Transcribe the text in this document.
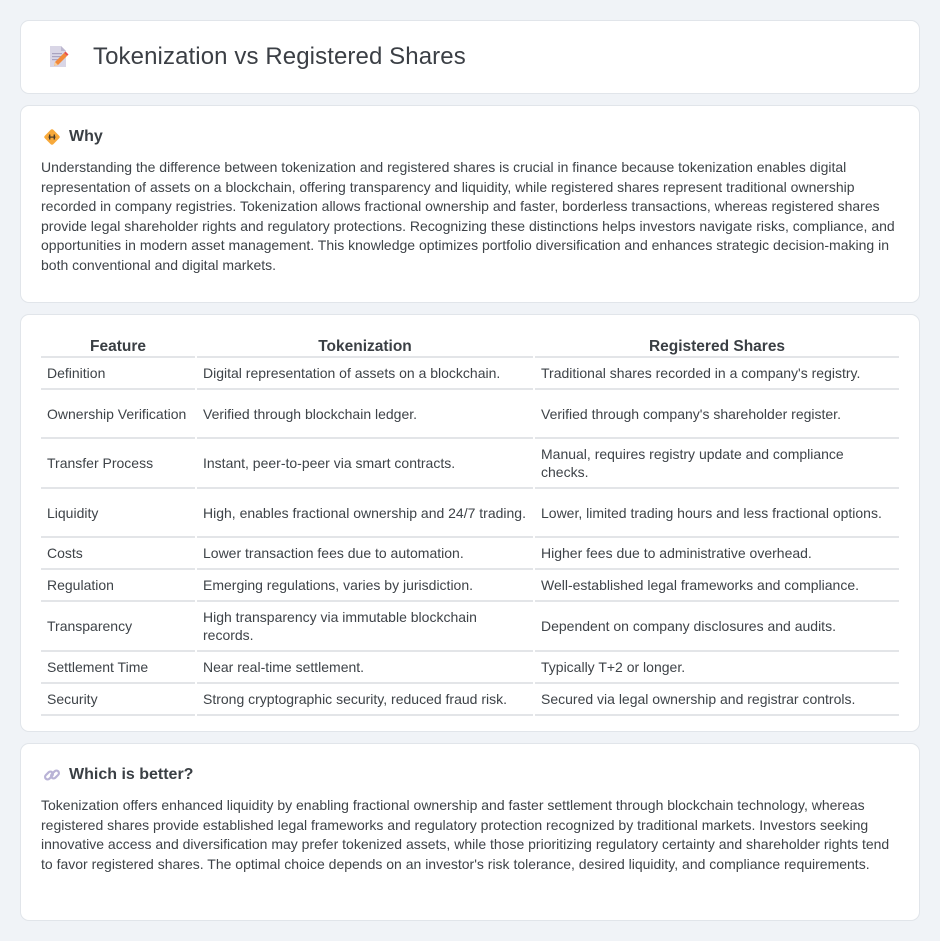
Tokenization vs Registered Shares
Why

Understanding the difference between tokenization and registered shares is crucial in finance because tokenization enables digital representation of assets on a blockchain, offering transparency and liquidity, while registered shares represent traditional ownership recorded in company registries. Tokenization allows fractional ownership and faster, borderless transactions, whereas registered shares provide legal shareholder rights and regulatory protections. Recognizing these distinctions helps investors navigate risks, compliance, and opportunities in modern asset management. This knowledge optimizes portfolio diversification and enhances strategic decision-making in both conventional and digital markets.

Feature	Tokenization	Registered Shares
Definition	Digital representation of assets on a blockchain.	Traditional shares recorded in a company's registry.
Ownership Verification	Verified through blockchain ledger.	Verified through company's shareholder register.
Transfer Process	Instant, peer-to-peer via smart contracts.	Manual, requires registry update and compliance checks.
Liquidity	High, enables fractional ownership and 24/7 trading.	Lower, limited trading hours and less fractional options.
Costs	Lower transaction fees due to automation.	Higher fees due to administrative overhead.
Regulation	Emerging regulations, varies by jurisdiction.	Well-established legal frameworks and compliance.
Transparency	High transparency via immutable blockchain records.	Dependent on company disclosures and audits.
Settlement Time	Near real-time settlement.	Typically T+2 or longer.
Security	Strong cryptographic security, reduced fraud risk.	Secured via legal ownership and registrar controls.
Which is better?

Tokenization offers enhanced liquidity by enabling fractional ownership and faster settlement through blockchain technology, whereas registered shares provide established legal frameworks and regulatory protection recognized by traditional markets. Investors seeking innovative access and diversification may prefer tokenized assets, while those prioritizing regulatory certainty and shareholder rights tend to favor registered shares. The optimal choice depends on an investor's risk tolerance, desired liquidity, and compliance requirements.
